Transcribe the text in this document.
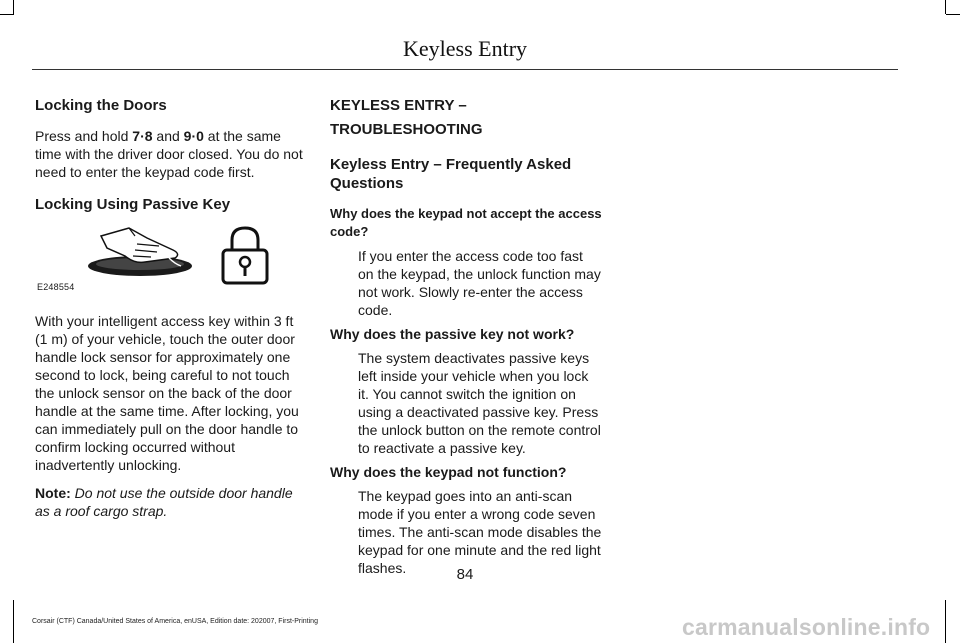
Keyless Entry
Locking the Doors

Press and hold 7·8 and 9·0 at the same time with the driver door closed. You do not need to enter the keypad code first.

Locking Using Passive Key
E248554

With your intelligent access key within 3 ft (1 m) of your vehicle, touch the outer door handle lock sensor for approximately one second to lock, being careful to not touch the unlock sensor on the back of the door handle at the same time. After locking, you can immediately pull on the door handle to confirm locking occurred without inadvertently unlocking.

Note: Do not use the outside door handle as a roof cargo strap.

KEYLESS ENTRY –
TROUBLESHOOTING
Keyless Entry – Frequently Asked Questions
Why does the keypad not accept the access code?

If you enter the access code too fast on the keypad, the unlock function may not work. Slowly re-enter the access code.

Why does the passive key not work?

The system deactivates passive keys left inside your vehicle when you lock it. You cannot switch the ignition on using a deactivated passive key. Press the unlock button on the remote control to reactivate a passive key.

Why does the keypad not function?

The keypad goes into an anti-scan mode if you enter a wrong code seven times. The anti-scan mode disables the keypad for one minute and the red light flashes.	84
Corsair (CTF) Canada/United States of America, enUSA, Edition date: 202007, First-Printing	carmanualsonline.info
